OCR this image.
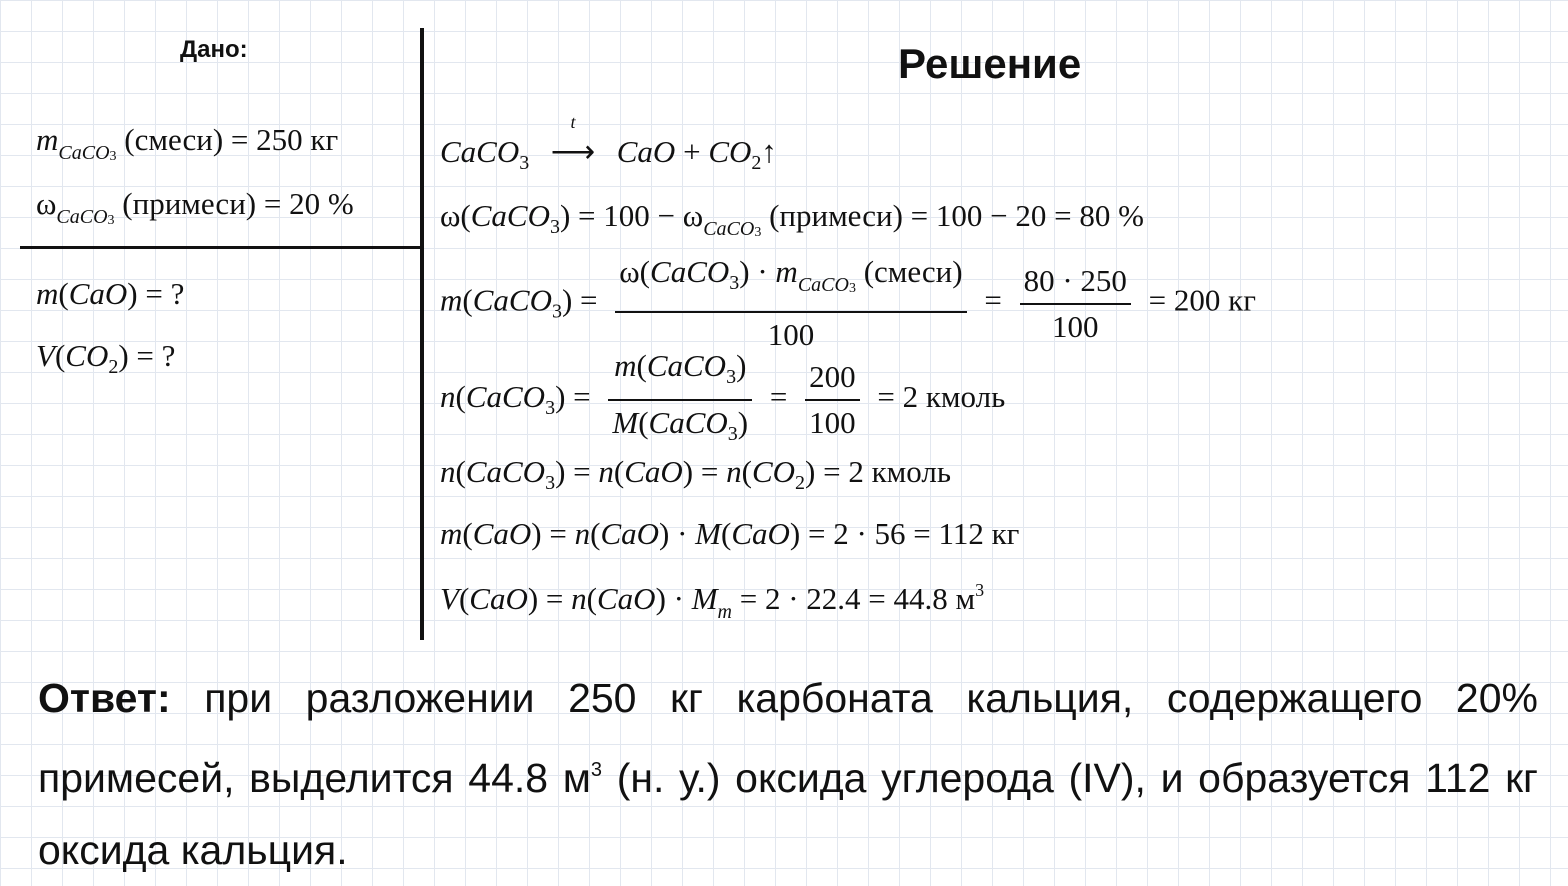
Дано:
$m_{CaCO3}$ (смеси) = 250 кг
$\omega_{CaCO3}$ (примеси) = 20 %
m(CaO) = ?
$V(CO_2)$ = ?
Решение
CaCO$_3$
t
⟶ CaO + $CO_2↑$
ω(CaCO$_3$) = $100 - \omega_{CaCO3}$ (примеси) = 100 − 20 = 80 %
m(CaCO$_3$) = $\frac{\omega(CaCO_3) \cdot m_{CaCO3} (смеси)}{100} = \frac{80 \cdot 250}{100} = 200$ кг
n(CaCO$_3$) = $\frac{m(CaCO_3)}{M(CaCO_3)} = \frac{200}{100} = 2$ кмоль
n(CaCO$_3$) = $n(CaO) = n(CO_2) = 2$ кмоль
m(CaO) = n(CaO) · M(CaO) = 2 · 56 = 112 кг
$V(CaO) = n(CaO) \cdot M_m = 2 \cdot 22.4 = 44.8$ $м^3$
Ответ: при разложении 250 кг карбоната кальция, содержащего 20% примесей, выделится 44.8 $м^3$ (н. у.) оксида углерода (IV), и образуется 112 кг оксида кальция.
